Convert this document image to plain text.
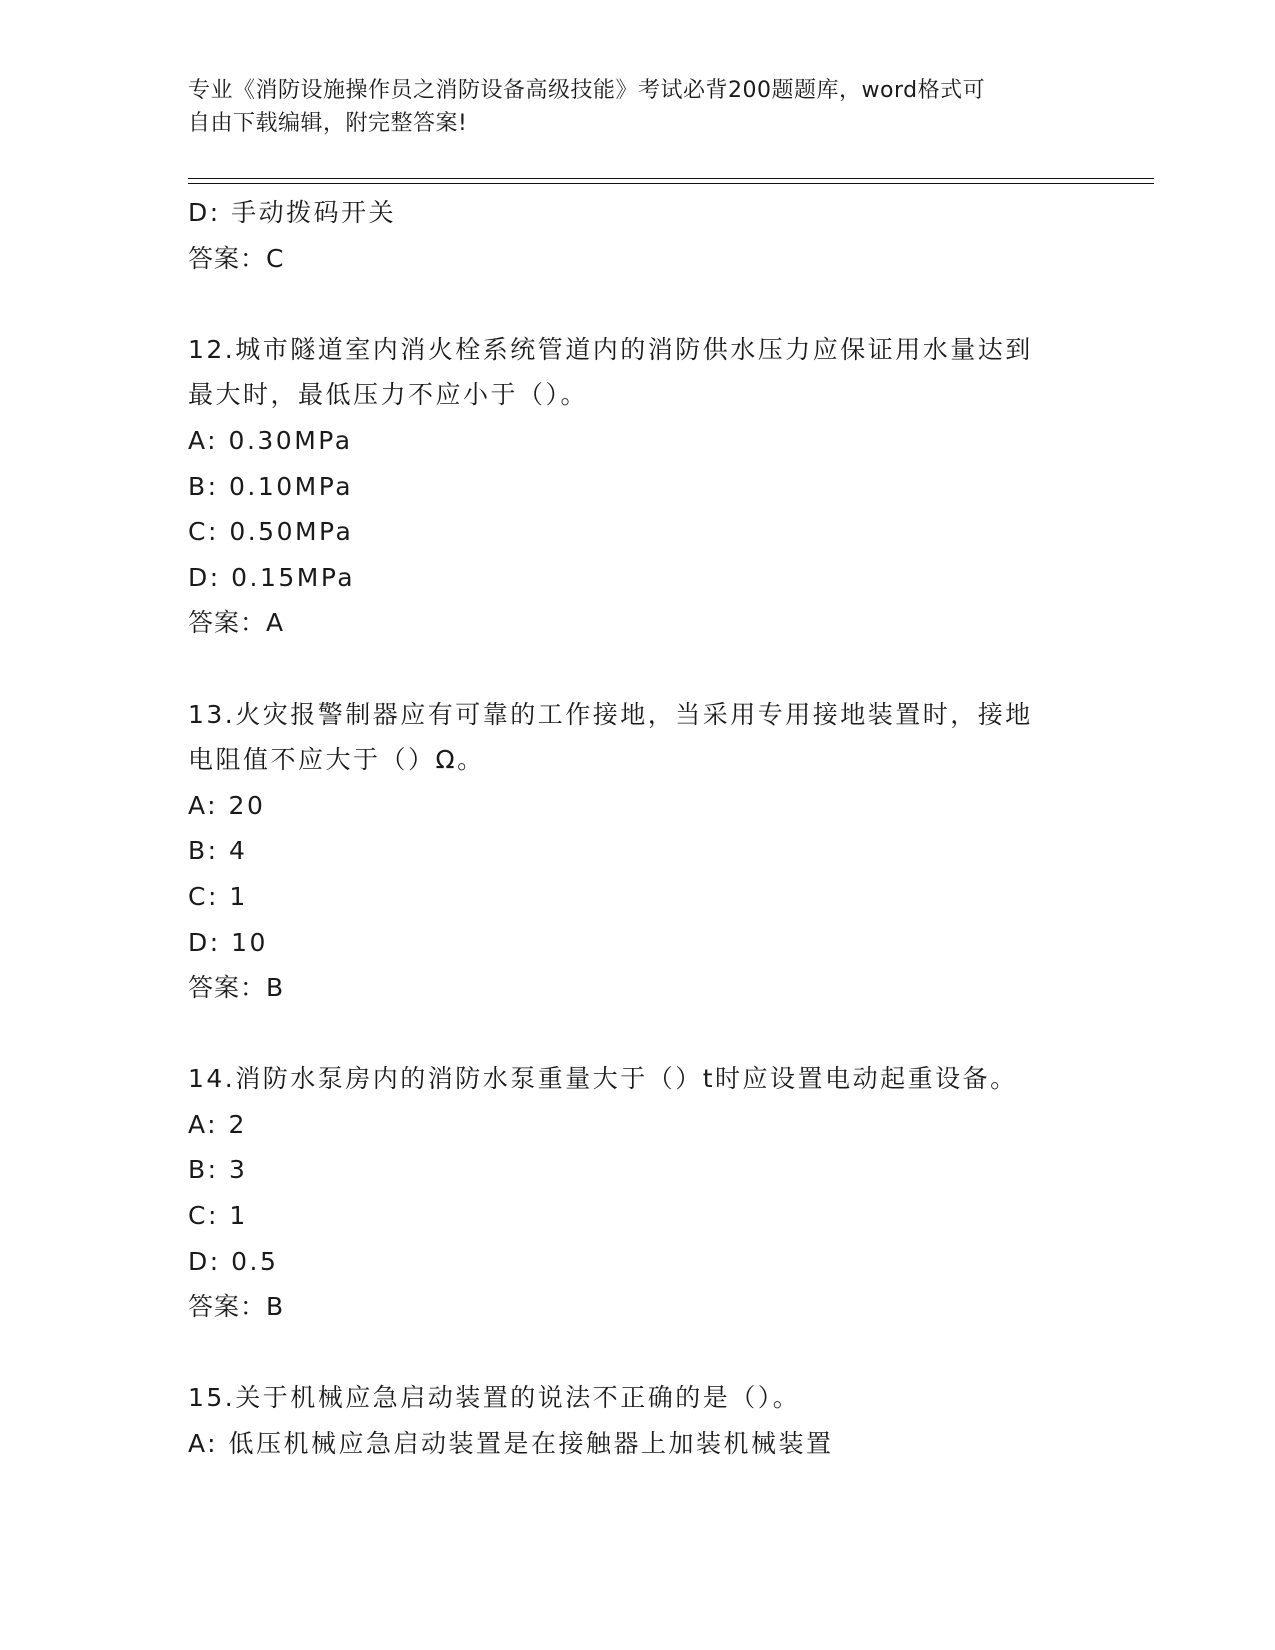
专业《消防设施操作员之消防设备高级技能》考试必背200题题库，word格式可
自由下载编辑，附完整答案!
D: 手动拨码开关
答案：C
12.城市隧道室内消火栓系统管道内的消防供水压力应保证用水量达到
最大时，最低压力不应小于（）。
A: 0.30MPa
B: 0.10MPa
C: 0.50MPa
D: 0.15MPa
答案：A
13.火灾报警制器应有可靠的工作接地，当采用专用接地装置时，接地
电阻值不应大于（）Ω。
A: 20
B: 4
C: 1
D: 10
答案：B
14.消防水泵房内的消防水泵重量大于（）t时应设置电动起重设备。
A: 2
B: 3
C: 1
D: 0.5
答案：B
15.关于机械应急启动装置的说法不正确的是（）。
A: 低压机械应急启动装置是在接触器上加装机械装置
